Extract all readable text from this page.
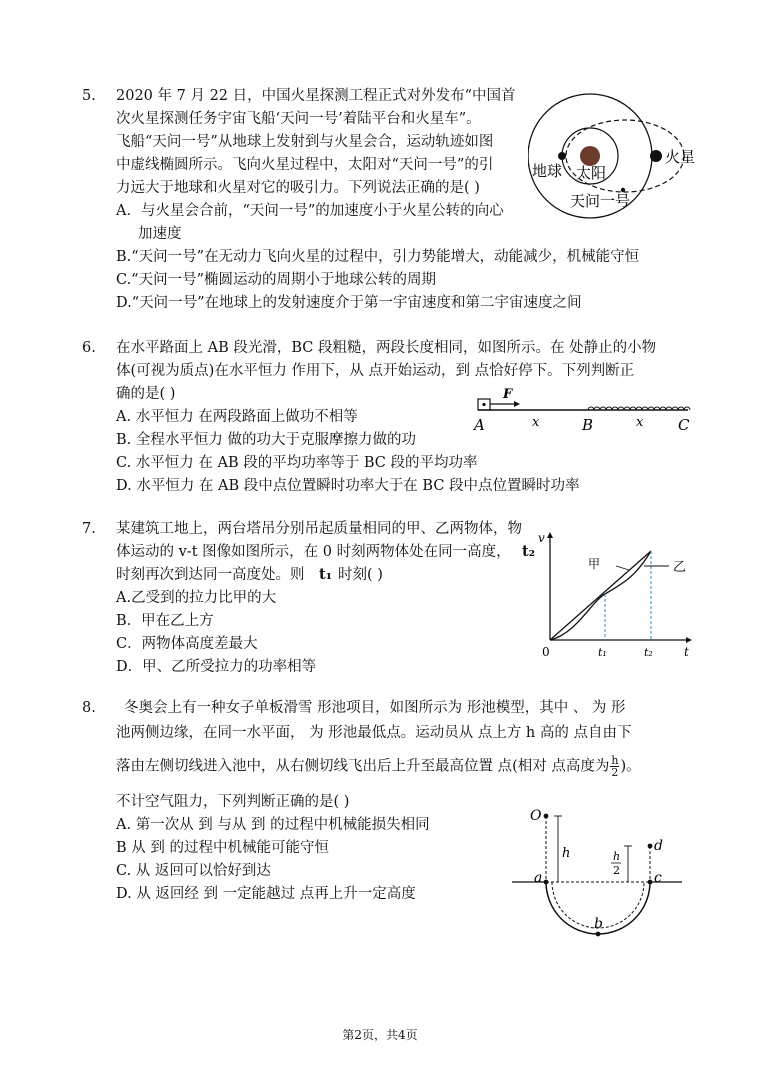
5. 2020 年 7 月 22 日，中国火星探测工程正式对外发布“中国首
次火星探测任务宇宙飞船‘天问一号’着陆平台和火星车”。
飞船“天问一号”从地球上发射到与火星会合，运动轨迹如图
中虚线椭圆所示。飞向火星过程中，太阳对“天问一号”的引
力远大于地球和火星对它的吸引力。下列说法正确的是( )
A．与火星会合前，“天问一号”的加速度小于火星公转的向心
加速度
B.“天问一号”在无动力飞向火星的过程中，引力势能增大，动能减少，机械能守恒
C.“天问一号”椭圆运动的周期小于地球公转的周期
D.“天问一号”在地球上的发射速度介于第一宇宙速度和第二宇宙速度之间
地球 太阳
火星
天问一号
6. 在水平路面上 AB 段光滑，BC 段粗糙，两段长度相同，如图所示。在 处静止的小物
体(可视为质点)在水平恒力 作用下，从 点开始运动，到 点恰好停下。下列判断正
确的是( )
A. 水平恒力 在两段路面上做功不相等
B. 全程水平恒力 做的功大于克服摩擦力做的功
C. 水平恒力 在 AB 段的平均功率等于 BC 段的平均功率
D. 水平恒力 在 AB 段中点位置瞬时功率大于在 BC 段中点位置瞬时功率
F
A	x	B	x C
7. 某建筑工地上，两台塔吊分别吊起质量相同的甲、乙两物体，物
体运动的 v-t 图像如图所示，在 0 时刻两物体处在同一高度， t₂
时刻再次到达同一高度处。则 t₁ 时刻( )
A.乙受到的拉力比甲的大
B．甲在乙上方
C．两物体高度差最大
D．甲、乙所受拉力的功率相等
v
t
0
甲	乙
t₁	t₂
8. 冬奥会上有一种女子单板滑雪 形池项目，如图所示为 形池模型，其中 、 为 形
池两侧边缘，在同一水平面， 为 形池最低点。运动员从 点上方 h 高的 点自由下
落由左侧切线进入池中，从右侧切线飞出后上升至最高位置 点(相对 点高度为 $\frac{h}{2}$ )。
不计空气阻力，下列判断正确的是( )
A. 第一次从 到 与从 到 的过程中机械能损失相同
B 从 到 的过程中机械能可能守恒
C. 从 返回可以恰好到达
D. 从 返回经 到 一定能越过 点再上升一定高度
O
h	h
2
d
a	c
b
第2页，共4页
